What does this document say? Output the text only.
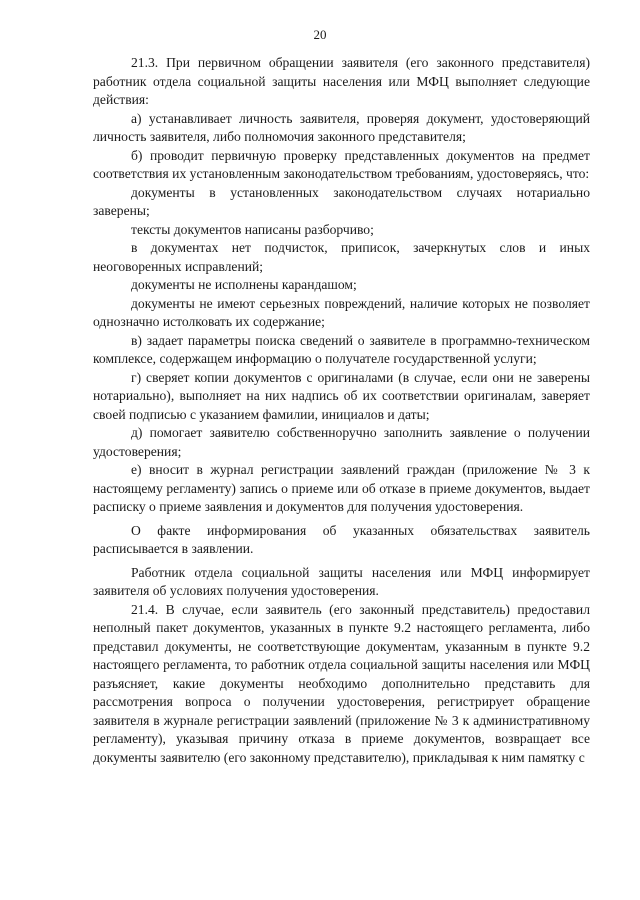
20

21.3. При первичном обращении заявителя (его законного представителя) работник отдела социальной защиты населения или МФЦ выполняет следующие действия:

а) устанавливает личность заявителя, проверяя документ, удостоверяющий личность заявителя, либо полномочия законного представителя;

б) проводит первичную проверку представленных документов на предмет соответствия их установленным законодательством требованиям, удостоверяясь, что:

документы в установленных законодательством случаях нотариально заверены;

тексты документов написаны разборчиво;

в документах нет подчисток, приписок, зачеркнутых слов и иных неоговоренных исправлений;

документы не исполнены карандашом;

документы не имеют серьезных повреждений, наличие которых не позволяет однозначно истолковать их содержание;

в) задает параметры поиска сведений о заявителе в программно-техническом комплексе, содержащем информацию о получателе государственной услуги;

г) сверяет копии документов с оригиналами (в случае, если они не заверены нотариально), выполняет на них надпись об их соответствии оригиналам, заверяет своей подписью с указанием фамилии, инициалов и даты;

д) помогает заявителю собственноручно заполнить заявление о получении удостоверения;

е) вносит в журнал регистрации заявлений граждан (приложение № 3 к настоящему регламенту) запись о приеме или об отказе в приеме документов, выдает расписку о приеме заявления и документов для получения удостоверения.

О факте информирования об указанных обязательствах заявитель расписывается в заявлении.

Работник отдела социальной защиты населения или МФЦ информирует заявителя об условиях получения удостоверения.

21.4. В случае, если заявитель (его законный представитель) предоставил неполный пакет документов, указанных в пункте 9.2 настоящего регламента, либо представил документы, не соответствующие документам, указанным в пункте 9.2 настоящего регламента, то работник отдела социальной защиты населения или МФЦ разъясняет, какие документы необходимо дополнительно представить для рассмотрения вопроса о получении удостоверения, регистрирует обращение заявителя в журнале регистрации заявлений (приложение № 3 к административному регламенту), указывая причину отказа в приеме документов, возвращает все документы заявителю (его законному представителю), прикладывая к ним памятку с
